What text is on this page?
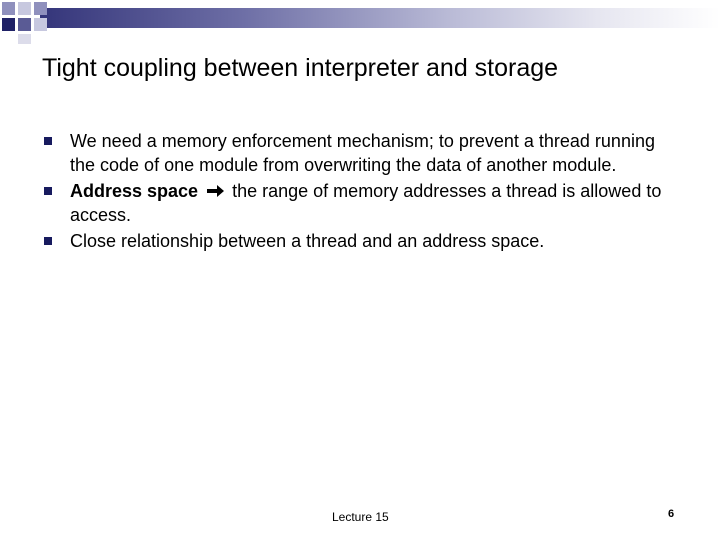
Tight coupling between interpreter and storage
We need a memory enforcement mechanism; to prevent a thread running the code of one module from overwriting the data of another module.
Address space the range of memory addresses a thread is allowed to access.
Close relationship between a thread and an address space.
Lecture 15	6
